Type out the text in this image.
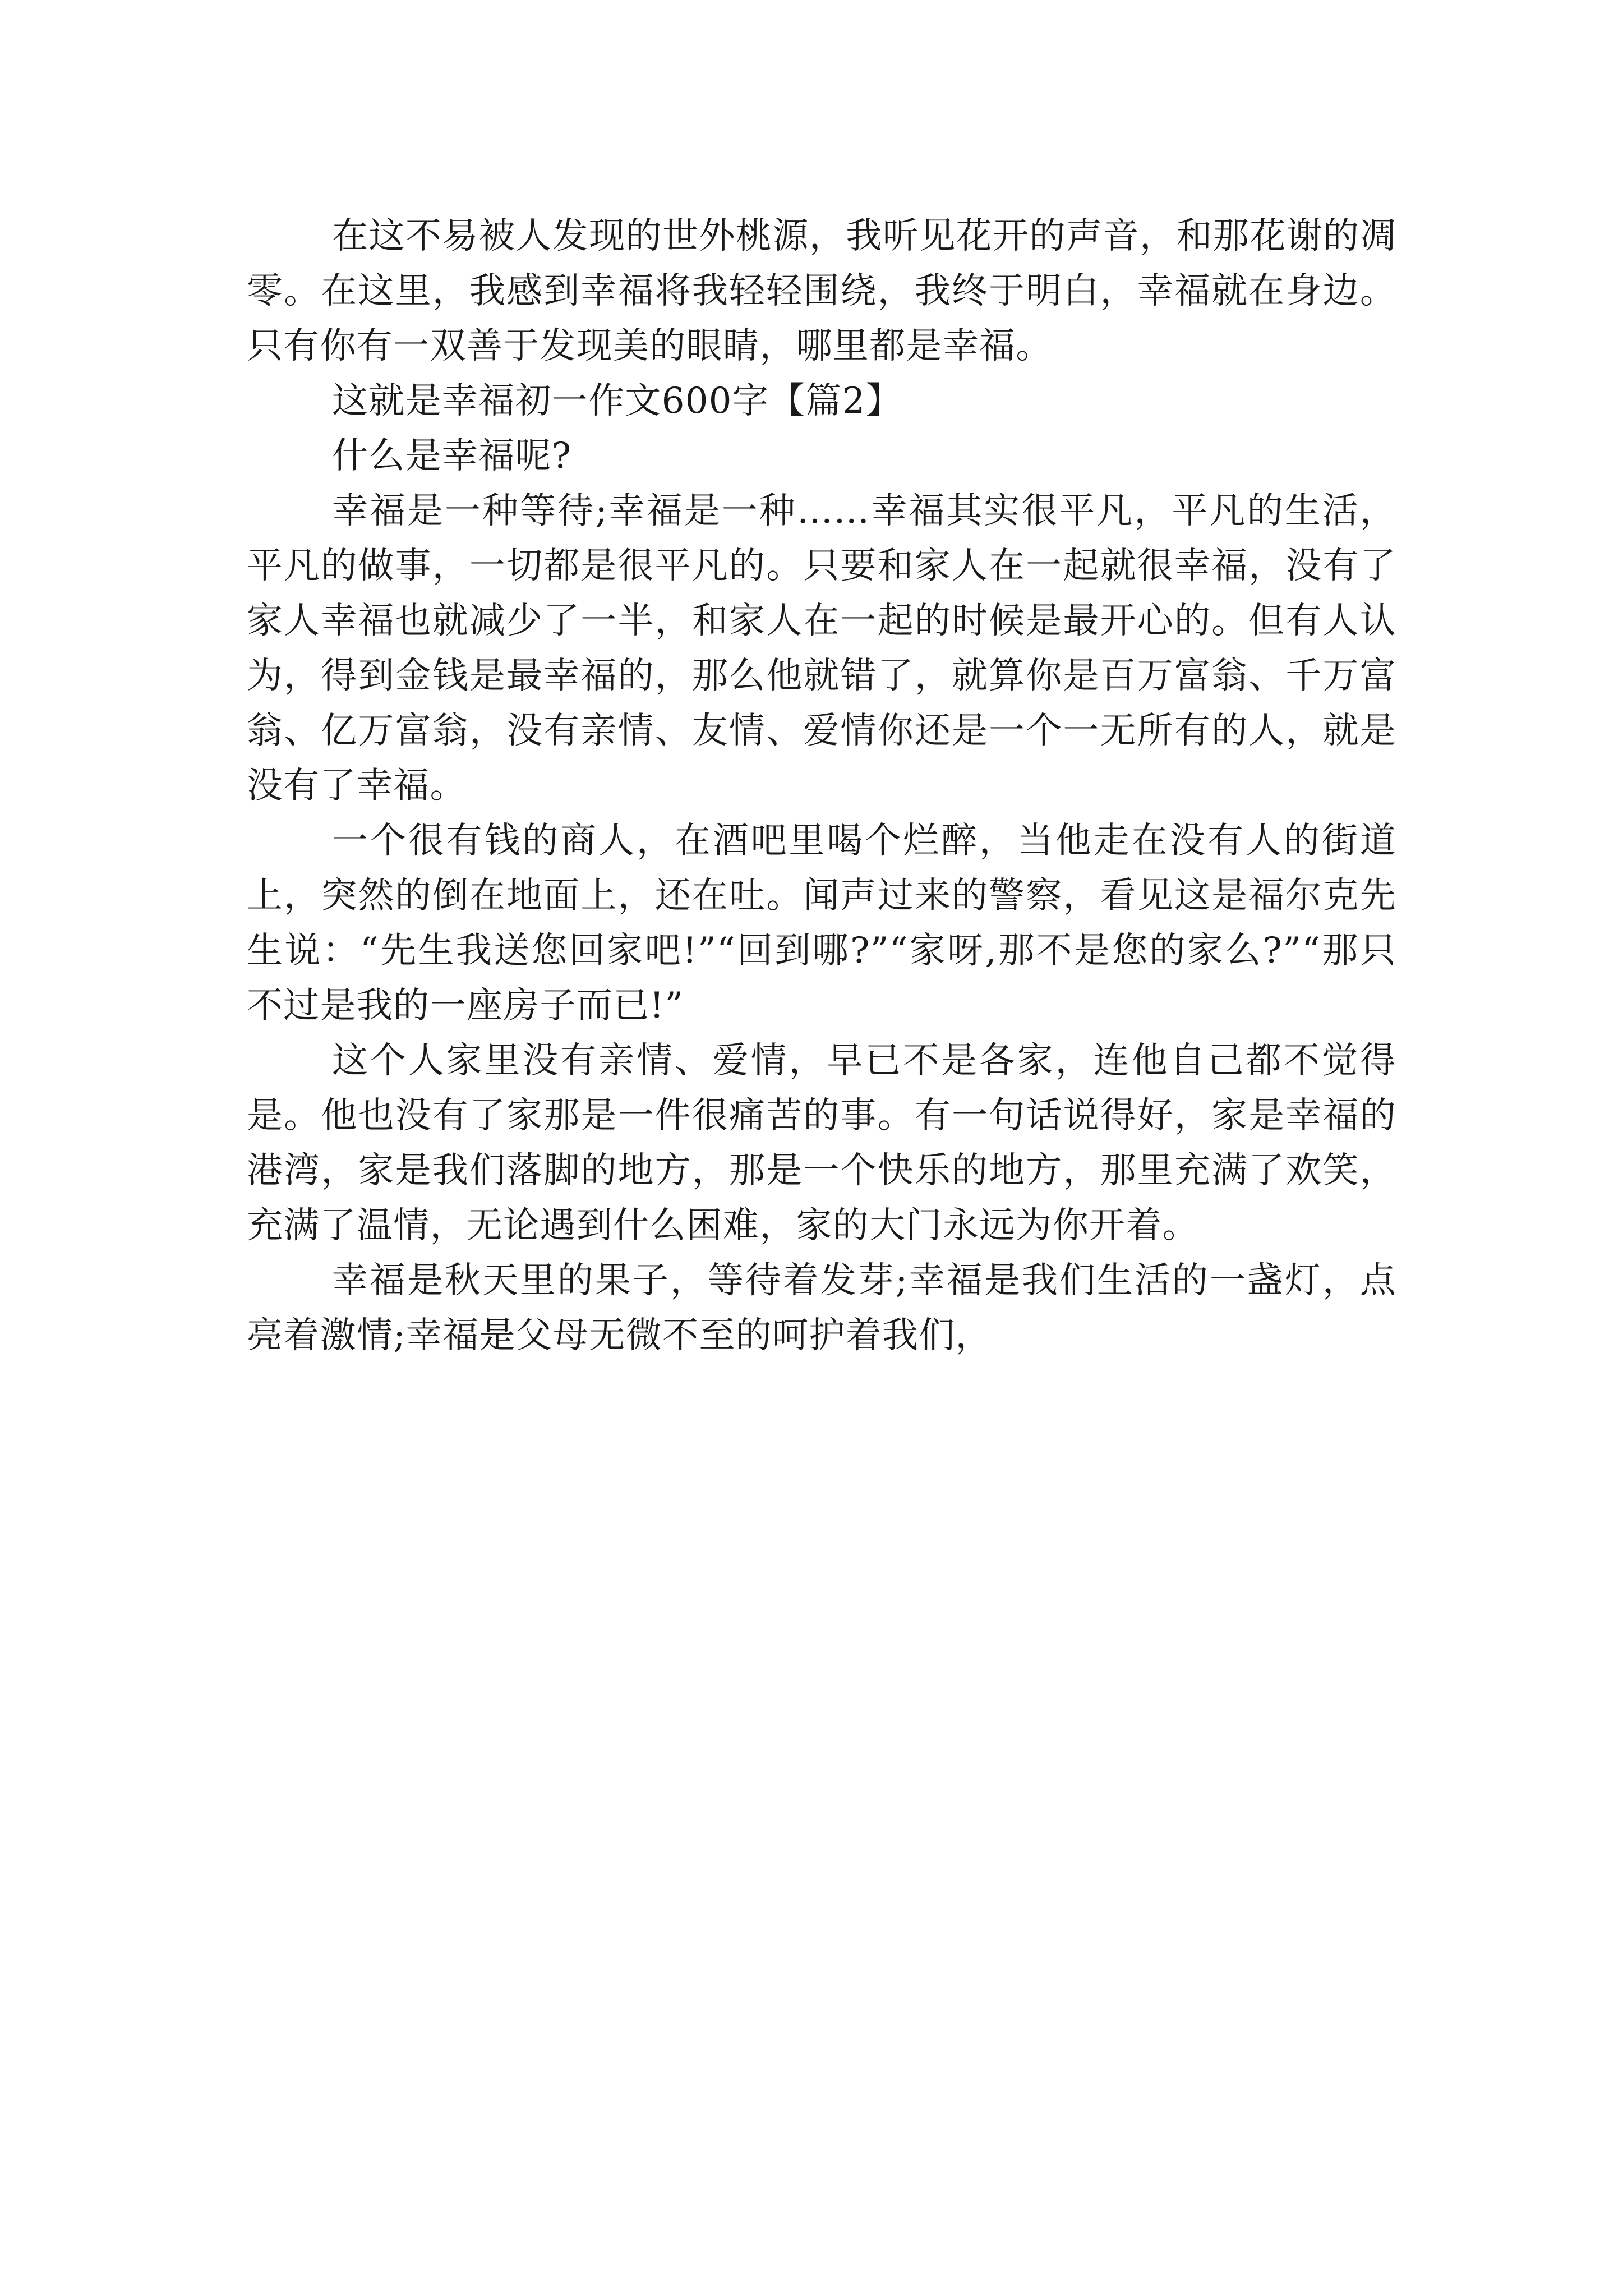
在这不易被人发现的世外桃源，我听见花开的声音，和那花谢的凋零。在这里，我感到幸福将我轻轻围绕，我终于明白，幸福就在身边。只有你有一双善于发现美的眼睛，哪里都是幸福。

这就是幸福初一作文600字【篇2】

什么是幸福呢?

幸福是一种等待;幸福是一种……幸福其实很平凡，平凡的生活，平凡的做事，一切都是很平凡的。只要和家人在一起就很幸福，没有了家人幸福也就减少了一半，和家人在一起的时候是最开心的。但有人认为，得到金钱是最幸福的，那么他就错了，就算你是百万富翁、千万富翁、亿万富翁，没有亲情、友情、爱情你还是一个一无所有的人，就是没有了幸福。

一个很有钱的商人，在酒吧里喝个烂醉，当他走在没有人的街道上，突然的倒在地面上，还在吐。闻声过来的警察，看见这是福尔克先生说：“先生我送您回家吧!”“回到哪?”“家呀,那不是您的家么?”“那只不过是我的一座房子而已!”

这个人家里没有亲情、爱情，早已不是各家，连他自己都不觉得是。他也没有了家那是一件很痛苦的事。有一句话说得好，家是幸福的港湾，家是我们落脚的地方，那是一个快乐的地方，那里充满了欢笑，充满了温情，无论遇到什么困难，家的大门永远为你开着。

幸福是秋天里的果子，等待着发芽;幸福是我们生活的一盏灯，点亮着激情;幸福是父母无微不至的呵护着我们，
